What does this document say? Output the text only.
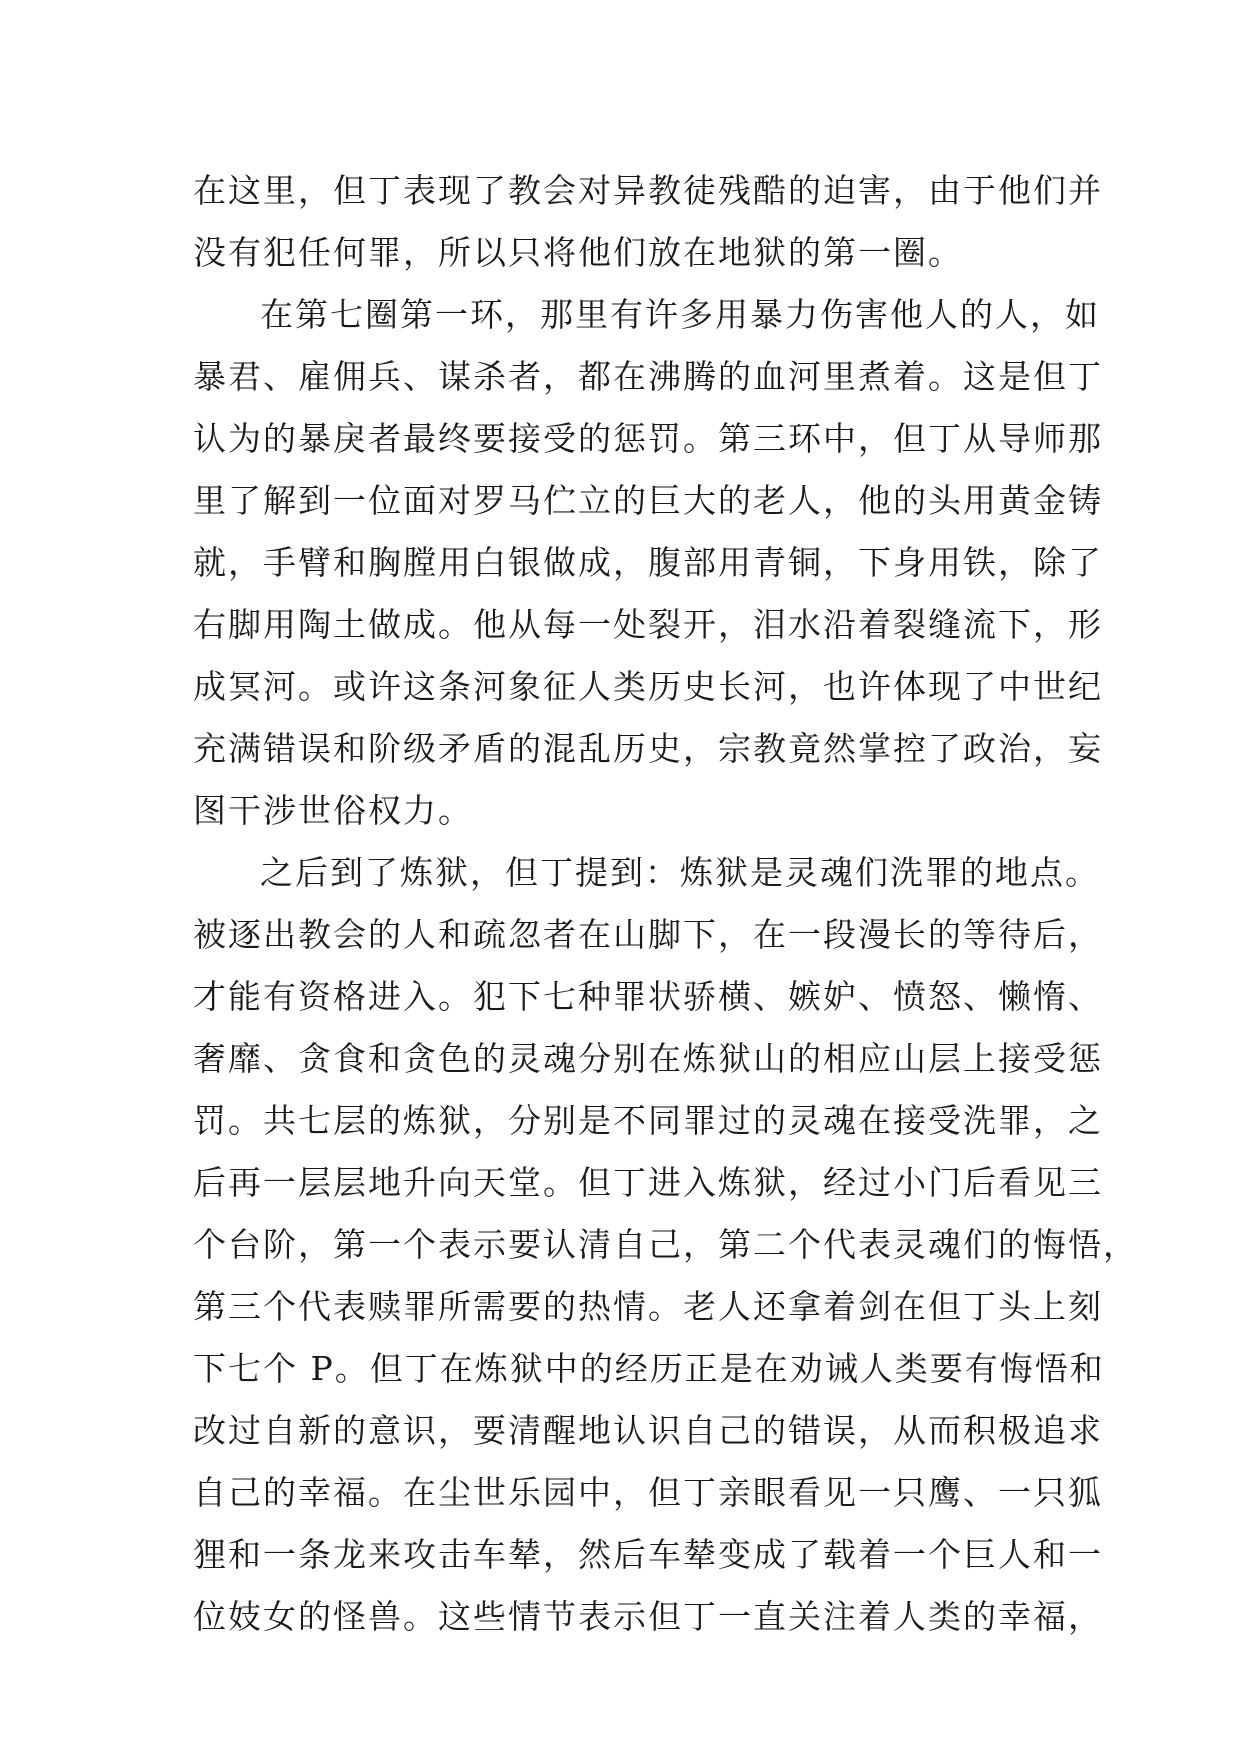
在这里，但丁表现了教会对异教徒残酷的迫害，由于他们并
没有犯任何罪，所以只将他们放在地狱的第一圈。
在第七圈第一环，那里有许多用暴力伤害他人的人，如
暴君、雇佣兵、谋杀者，都在沸腾的血河里煮着。这是但丁
认为的暴戾者最终要接受的惩罚。第三环中，但丁从导师那
里了解到一位面对罗马伫立的巨大的老人，他的头用黄金铸
就，手臂和胸膛用白银做成，腹部用青铜，下身用铁，除了
右脚用陶土做成。他从每一处裂开，泪水沿着裂缝流下，形
成冥河。或许这条河象征人类历史长河，也许体现了中世纪
充满错误和阶级矛盾的混乱历史，宗教竟然掌控了政治，妄
图干涉世俗权力。
之后到了炼狱，但丁提到：炼狱是灵魂们洗罪的地点。
被逐出教会的人和疏忽者在山脚下，在一段漫长的等待后，
才能有资格进入。犯下七种罪状骄横、嫉妒、愤怒、懒惰、
奢靡、贪食和贪色的灵魂分别在炼狱山的相应山层上接受惩
罚。共七层的炼狱，分别是不同罪过的灵魂在接受洗罪，之
后再一层层地升向天堂。但丁进入炼狱，经过小门后看见三
个台阶，第一个表示要认清自己，第二个代表灵魂们的悔悟，
第三个代表赎罪所需要的热情。老人还拿着剑在但丁头上刻
下七个 P。但丁在炼狱中的经历正是在劝诫人类要有悔悟和
改过自新的意识，要清醒地认识自己的错误，从而积极追求
自己的幸福。在尘世乐园中，但丁亲眼看见一只鹰、一只狐
狸和一条龙来攻击车辇，然后车辇变成了载着一个巨人和一
位妓女的怪兽。这些情节表示但丁一直关注着人类的幸福，
